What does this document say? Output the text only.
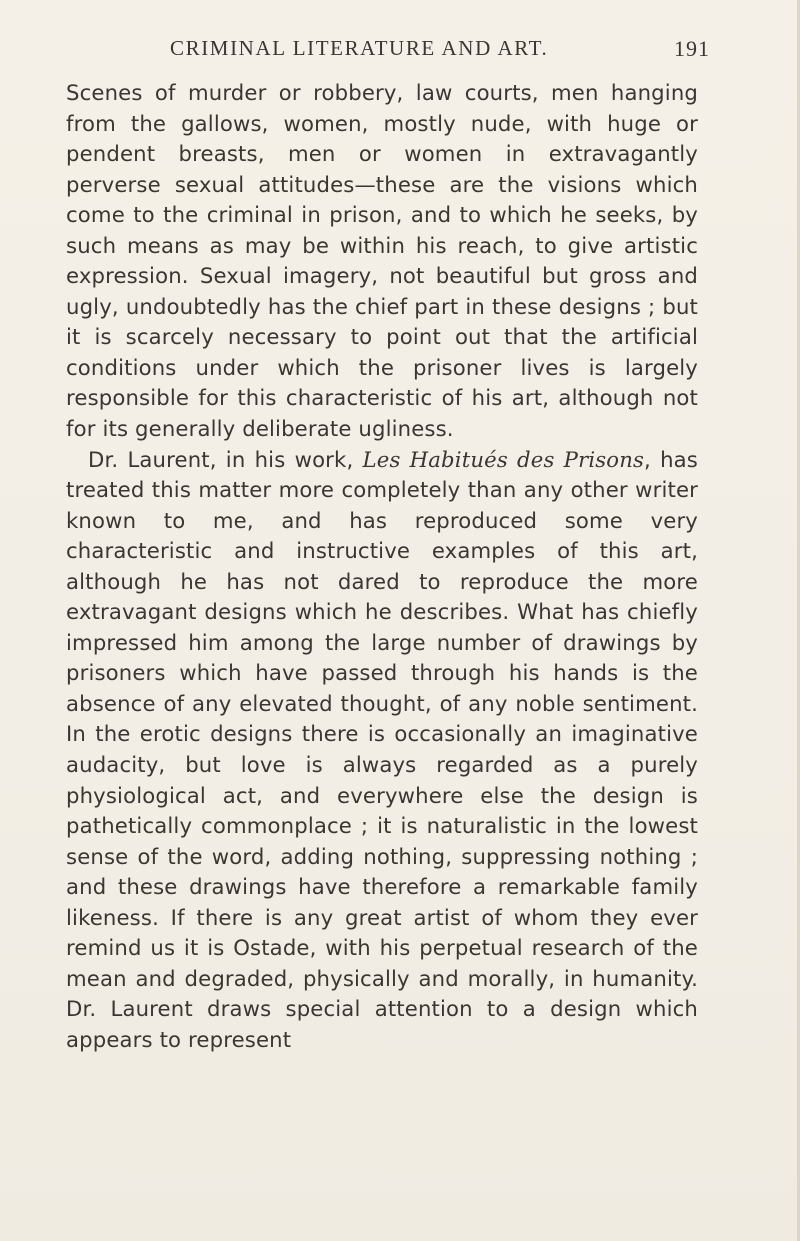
CRIMINAL LITERATURE AND ART.	191

Scenes of murder or robbery, law courts, men hanging from the gallows, women, mostly nude, with huge or pendent breasts, men or women in extravagantly perverse sexual attitudes—these are the visions which come to the criminal in prison, and to which he seeks, by such means as may be within his reach, to give artistic expression. Sexual imagery, not beautiful but gross and ugly, undoubtedly has the chief part in these designs ; but it is scarcely necessary to point out that the artificial conditions under which the prisoner lives is largely responsible for this characteristic of his art, although not for its generally deliberate ugliness.

Dr. Laurent, in his work, Les Habitués des Prisons, has treated this matter more completely than any other writer known to me, and has reproduced some very characteristic and instructive examples of this art, although he has not dared to reproduce the more extravagant designs which he describes. What has chiefly impressed him among the large number of drawings by prisoners which have passed through his hands is the absence of any elevated thought, of any noble sentiment. In the erotic designs there is occasionally an imaginative audacity, but love is always regarded as a purely physiological act, and everywhere else the design is pathetically commonplace ; it is naturalistic in the lowest sense of the word, adding nothing, suppressing nothing ; and these drawings have therefore a remarkable family likeness. If there is any great artist of whom they ever remind us it is Ostade, with his perpetual research of the mean and degraded, physically and morally, in humanity. Dr. Laurent draws special attention to a design which appears to represent
